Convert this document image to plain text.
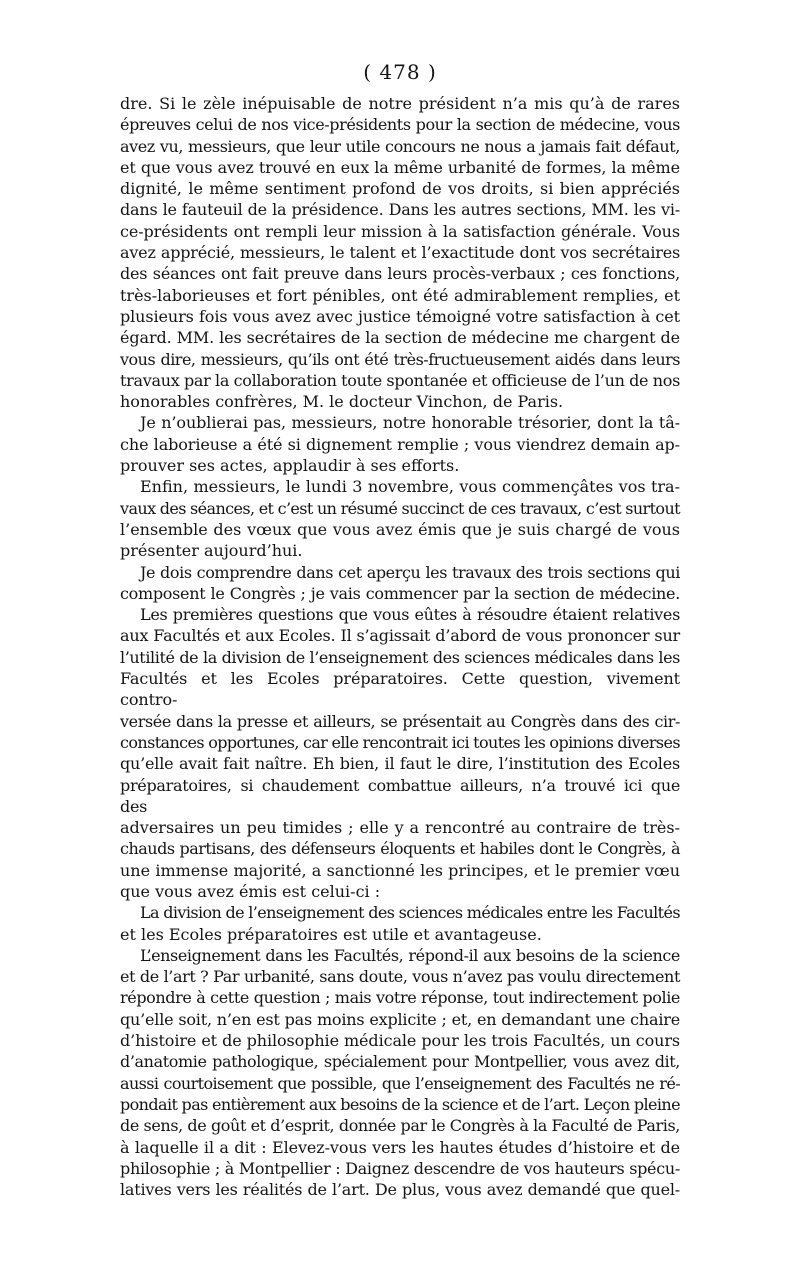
( 478 )

dre. Si le zèle inépuisable de notre président n’a mis qu’à de rares

épreuves celui de nos vice-présidents pour la section de médecine, vous

avez vu, messieurs, que leur utile concours ne nous a jamais fait défaut,

et que vous avez trouvé en eux la même urbanité de formes, la même

dignité, le même sentiment profond de vos droits, si bien appréciés

dans le fauteuil de la présidence. Dans les autres sections, MM. les vi-

ce-présidents ont rempli leur mission à la satisfaction générale. Vous

avez apprécié, messieurs, le talent et l’exactitude dont vos secrétaires

des séances ont fait preuve dans leurs procès-verbaux ; ces fonctions,

très-laborieuses et fort pénibles, ont été admirablement remplies, et

plusieurs fois vous avez avec justice témoigné votre satisfaction à cet

égard. MM. les secrétaires de la section de médecine me chargent de

vous dire, messieurs, qu’ils ont été très-fructueusement aidés dans leurs

travaux par la collaboration toute spontanée et officieuse de l’un de nos

honorables confrères, M. le docteur Vinchon, de Paris.

Je n’oublierai pas, messieurs, notre honorable trésorier, dont la tâ-

che laborieuse a été si dignement remplie ; vous viendrez demain ap-

prouver ses actes, applaudir à ses efforts.

Enfin, messieurs, le lundi 3 novembre, vous commençâtes vos tra-

vaux des séances, et c’est un résumé succinct de ces travaux, c’est surtout

l’ensemble des vœux que vous avez émis que je suis chargé de vous

présenter aujourd’hui.

Je dois comprendre dans cet aperçu les travaux des trois sections qui

composent le Congrès ; je vais commencer par la section de médecine.

Les premières questions que vous eûtes à résoudre étaient relatives

aux Facultés et aux Ecoles. Il s’agissait d’abord de vous prononcer sur

l’utilité de la division de l’enseignement des sciences médicales dans les

Facultés et les Ecoles préparatoires. Cette question, vivement contro-

versée dans la presse et ailleurs, se présentait au Congrès dans des cir-

constances opportunes, car elle rencontrait ici toutes les opinions diverses

qu’elle avait fait naître. Eh bien, il faut le dire, l’institution des Ecoles

préparatoires, si chaudement combattue ailleurs, n’a trouvé ici que des

adversaires un peu timides ; elle y a rencontré au contraire de très-

chauds partisans, des défenseurs éloquents et habiles dont le Congrès, à

une immense majorité, a sanctionné les principes, et le premier vœu

que vous avez émis est celui-ci :

La division de l’enseignement des sciences médicales entre les Facultés

et les Ecoles préparatoires est utile et avantageuse.

L’enseignement dans les Facultés, répond-il aux besoins de la science

et de l’art ? Par urbanité, sans doute, vous n’avez pas voulu directement

répondre à cette question ; mais votre réponse, tout indirectement polie

qu’elle soit, n’en est pas moins explicite ; et, en demandant une chaire

d’histoire et de philosophie médicale pour les trois Facultés, un cours

d’anatomie pathologique, spécialement pour Montpellier, vous avez dit,

aussi courtoisement que possible, que l’enseignement des Facultés ne ré-

pondait pas entièrement aux besoins de la science et de l’art. Leçon pleine

de sens, de goût et d’esprit, donnée par le Congrès à la Faculté de Paris,

à laquelle il a dit : Elevez-vous vers les hautes études d’histoire et de

philosophie ; à Montpellier : Daignez descendre de vos hauteurs spécu-

latives vers les réalités de l’art. De plus, vous avez demandé que quel-
